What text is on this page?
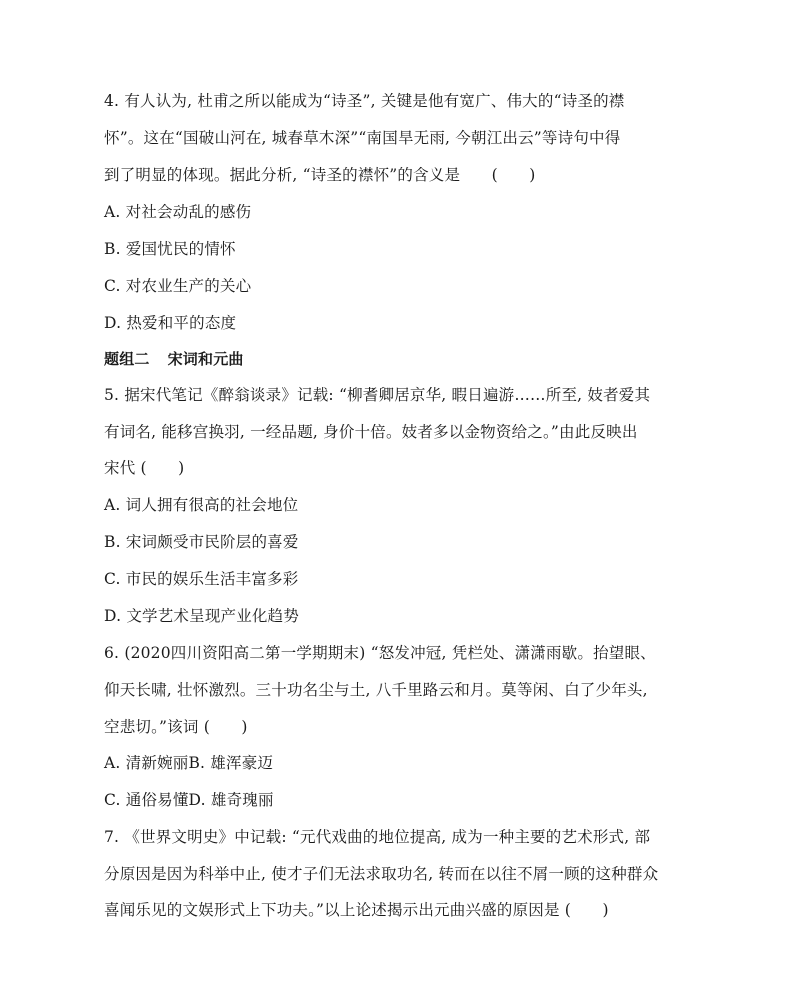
4. 有人认为, 杜甫之所以能成为“诗圣”, 关键是他有宽广、伟大的“诗圣的襟
怀”。这在“国破山河在, 城春草木深”“南国旱无雨, 今朝江出云”等诗句中得
到了明显的体现。据此分析, “诗圣的襟怀”的含义是　　(　　)
A. 对社会动乱的感伤
B. 爱国忧民的情怀
C. 对农业生产的关心
D. 热爱和平的态度
题组二 宋词和元曲
5. 据宋代笔记《醉翁谈录》记载: “柳耆卿居京华, 暇日遍游……所至, 妓者爱其
有词名, 能移宫换羽, 一经品题, 身价十倍。妓者多以金物资给之。”由此反映出
宋代 (　　)
A. 词人拥有很高的社会地位
B. 宋词颇受市民阶层的喜爱
C. 市民的娱乐生活丰富多彩
D. 文学艺术呈现产业化趋势
6. (2020四川资阳高二第一学期期末) “怒发冲冠, 凭栏处、潇潇雨歇。抬望眼、
仰天长啸, 壮怀激烈。三十功名尘与土, 八千里路云和月。莫等闲、白了少年头,
空悲切。”该词 (　　)
A. 清新婉丽B. 雄浑豪迈
C. 通俗易懂D. 雄奇瑰丽
7. 《世界文明史》中记载: “元代戏曲的地位提高, 成为一种主要的艺术形式, 部
分原因是因为科举中止, 使才子们无法求取功名, 转而在以往不屑一顾的这种群众
喜闻乐见的文娱形式上下功夫。”以上论述揭示出元曲兴盛的原因是 (　　)
